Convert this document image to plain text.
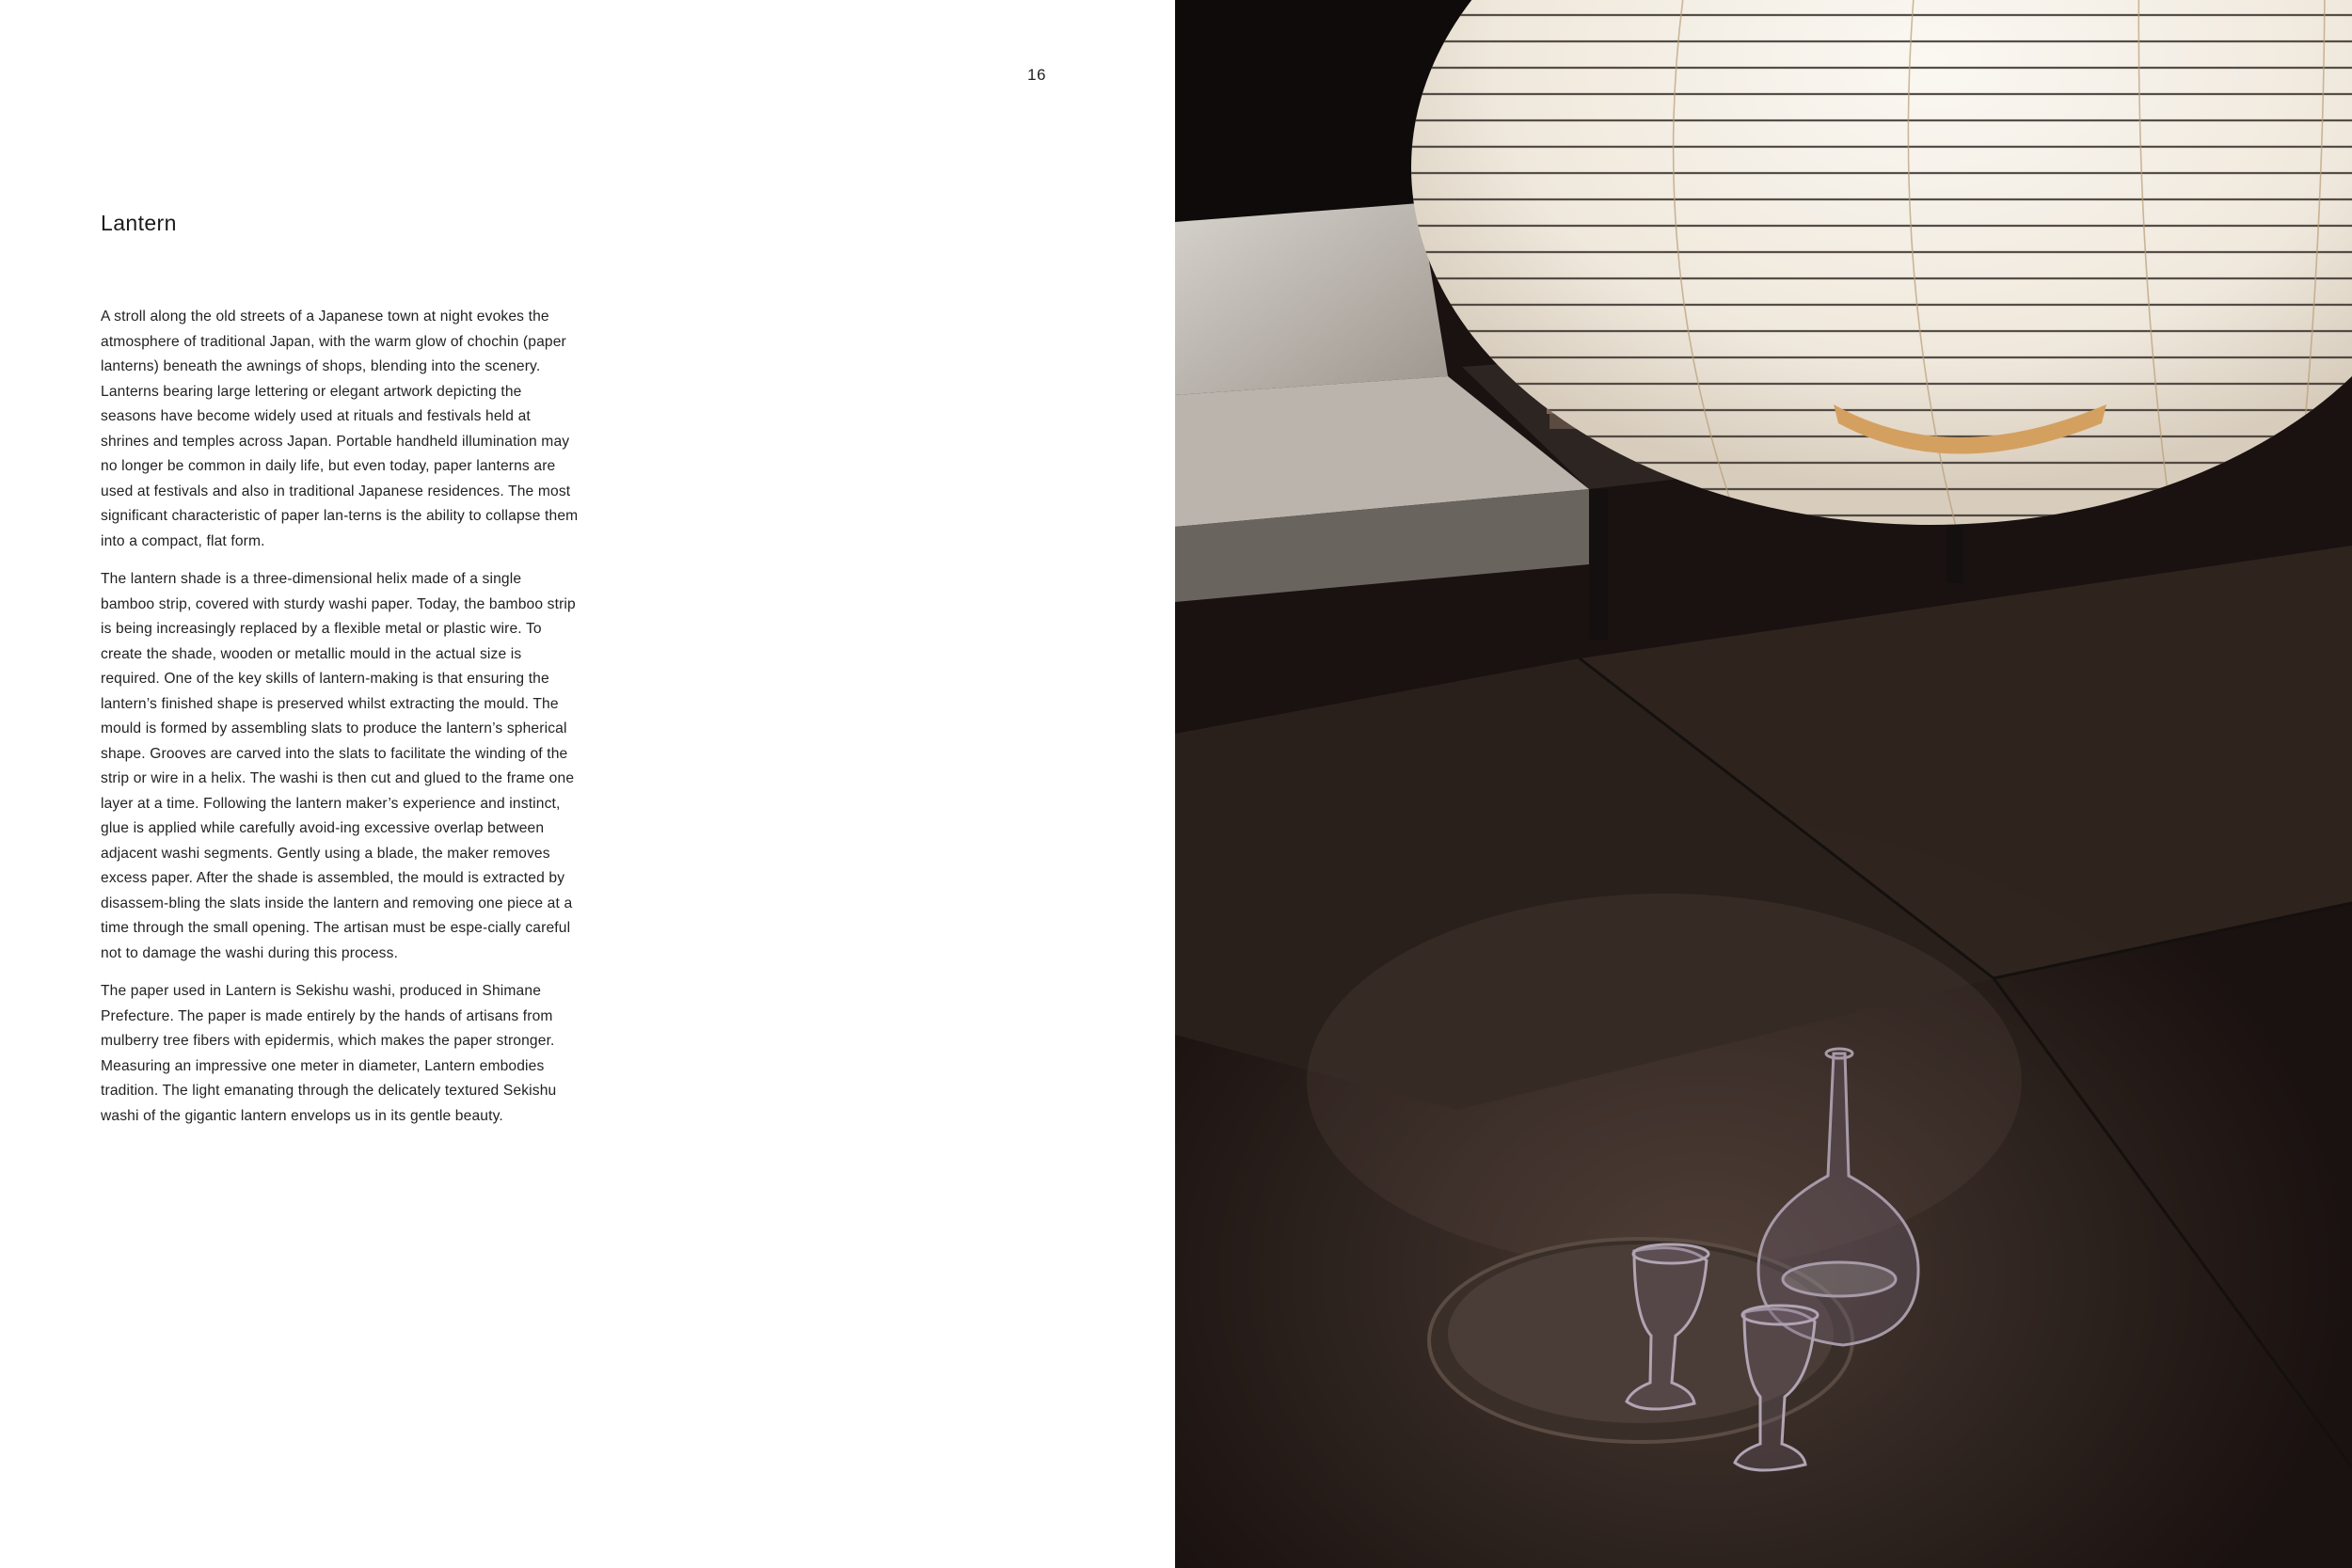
16
Lantern

A stroll along the old streets of a Japanese town at night evokes the atmosphere of traditional Japan, with the warm glow of chochin (paper lanterns) beneath the awnings of shops, blending into the scenery. Lanterns bearing large lettering or elegant artwork depicting the seasons have become widely used at rituals and festivals held at shrines and temples across Japan. Portable handheld illumination may no longer be common in daily life, but even today, paper lanterns are used at festivals and also in traditional Japanese residences. The most significant characteristic of paper lan-terns is the ability to collapse them into a compact, flat form.

The lantern shade is a three-dimensional helix made of a single bamboo strip, covered with sturdy washi paper. Today, the bamboo strip is being increasingly replaced by a flexible metal or plastic wire. To create the shade, wooden or metallic mould in the actual size is required. One of the key skills of lantern-making is that ensuring the lantern’s finished shape is preserved whilst extracting the mould. The mould is formed by assembling slats to produce the lantern’s spherical shape. Grooves are carved into the slats to facilitate the winding of the strip or wire in a helix. The washi is then cut and glued to the frame one layer at a time. Following the lantern maker’s experience and instinct, glue is applied while carefully avoid-ing excessive overlap between adjacent washi segments. Gently using a blade, the maker removes excess paper. After the shade is assembled, the mould is extracted by disassem-bling the slats inside the lantern and removing one piece at a time through the small opening. The artisan must be espe-cially careful not to damage the washi during this process.

The paper used in Lantern is Sekishu washi, produced in Shimane Prefecture. The paper is made entirely by the hands of artisans from mulberry tree fibers with epidermis, which makes the paper stronger. Measuring an impressive one meter in diameter, Lantern embodies tradition. The light emanating through the delicately textured Sekishu washi of the gigantic lantern envelops us in its gentle beauty.

17
